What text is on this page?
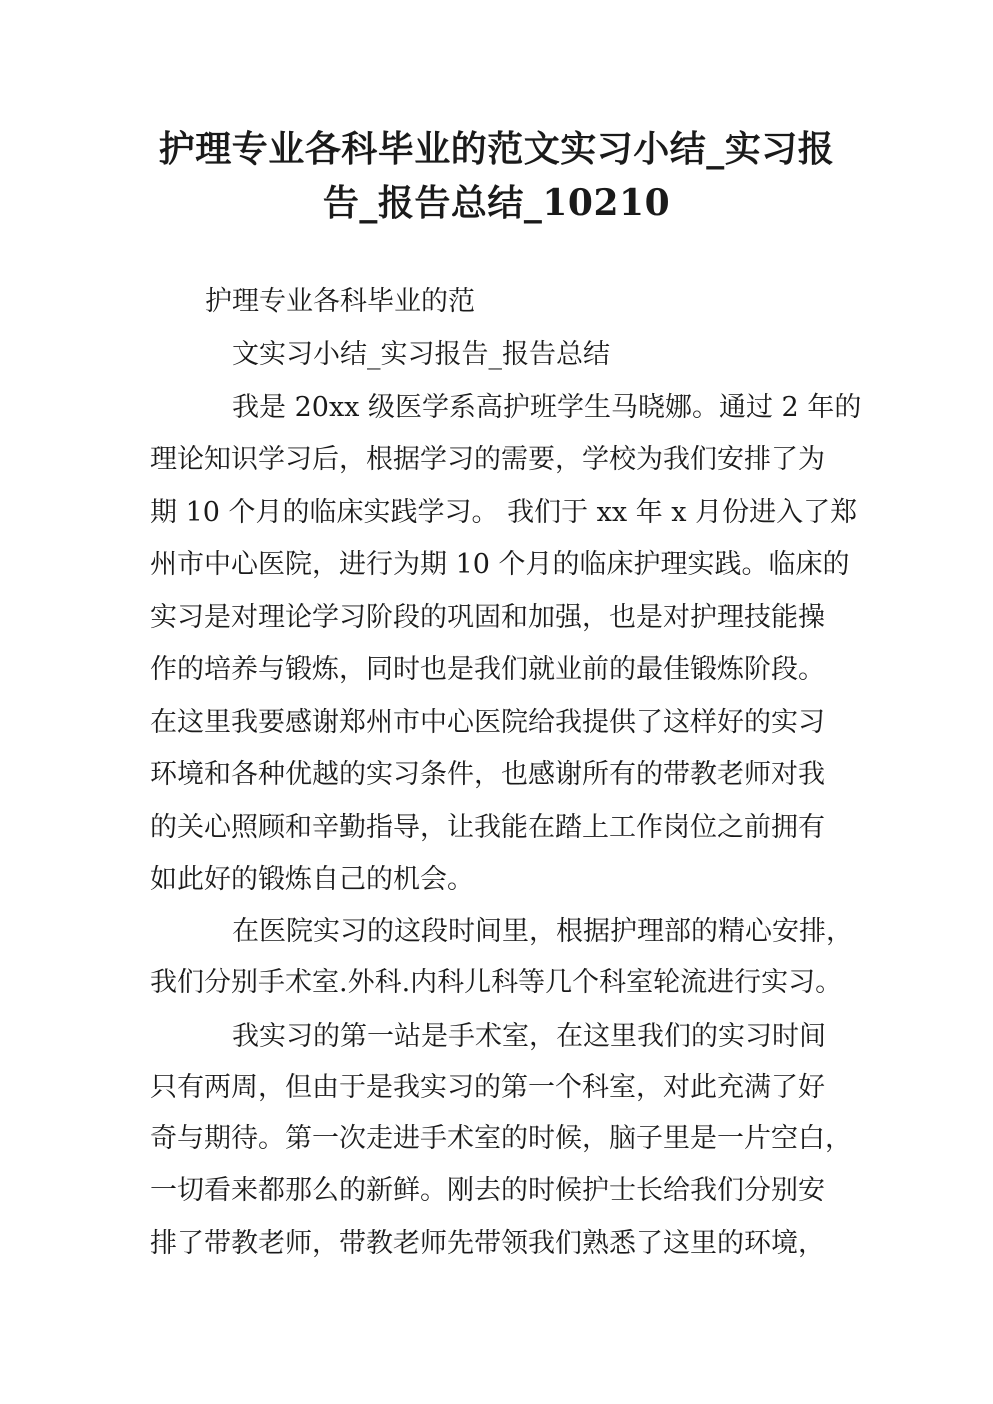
护理专业各科毕业的范文实习小结_实习报
告_报告总结_10210
护理专业各科毕业的范
文实习小结_实习报告_报告总结
我是 20xx 级医学系高护班学生马晓娜。通过 2 年的
理论知识学习后，根据学习的需要，学校为我们安排了为
期 10 个月的临床实践学习。 我们于 xx 年 x 月份进入了郑
州市中心医院，进行为期 10 个月的临床护理实践。临床的
实习是对理论学习阶段的巩固和加强，也是对护理技能操
作的培养与锻炼，同时也是我们就业前的最佳锻炼阶段。
在这里我要感谢郑州市中心医院给我提供了这样好的实习
环境和各种优越的实习条件，也感谢所有的带教老师对我
的关心照顾和辛勤指导，让我能在踏上工作岗位之前拥有
如此好的锻炼自己的机会。
在医院实习的这段时间里，根据护理部的精心安排，
我们分别手术室.外科.内科儿科等几个科室轮流进行实习。
我实习的第一站是手术室，在这里我们的实习时间
只有两周，但由于是我实习的第一个科室，对此充满了好
奇与期待。第一次走进手术室的时候，脑子里是一片空白，
一切看来都那么的新鲜。刚去的时候护士长给我们分别安
排了带教老师，带教老师先带领我们熟悉了这里的环境，
